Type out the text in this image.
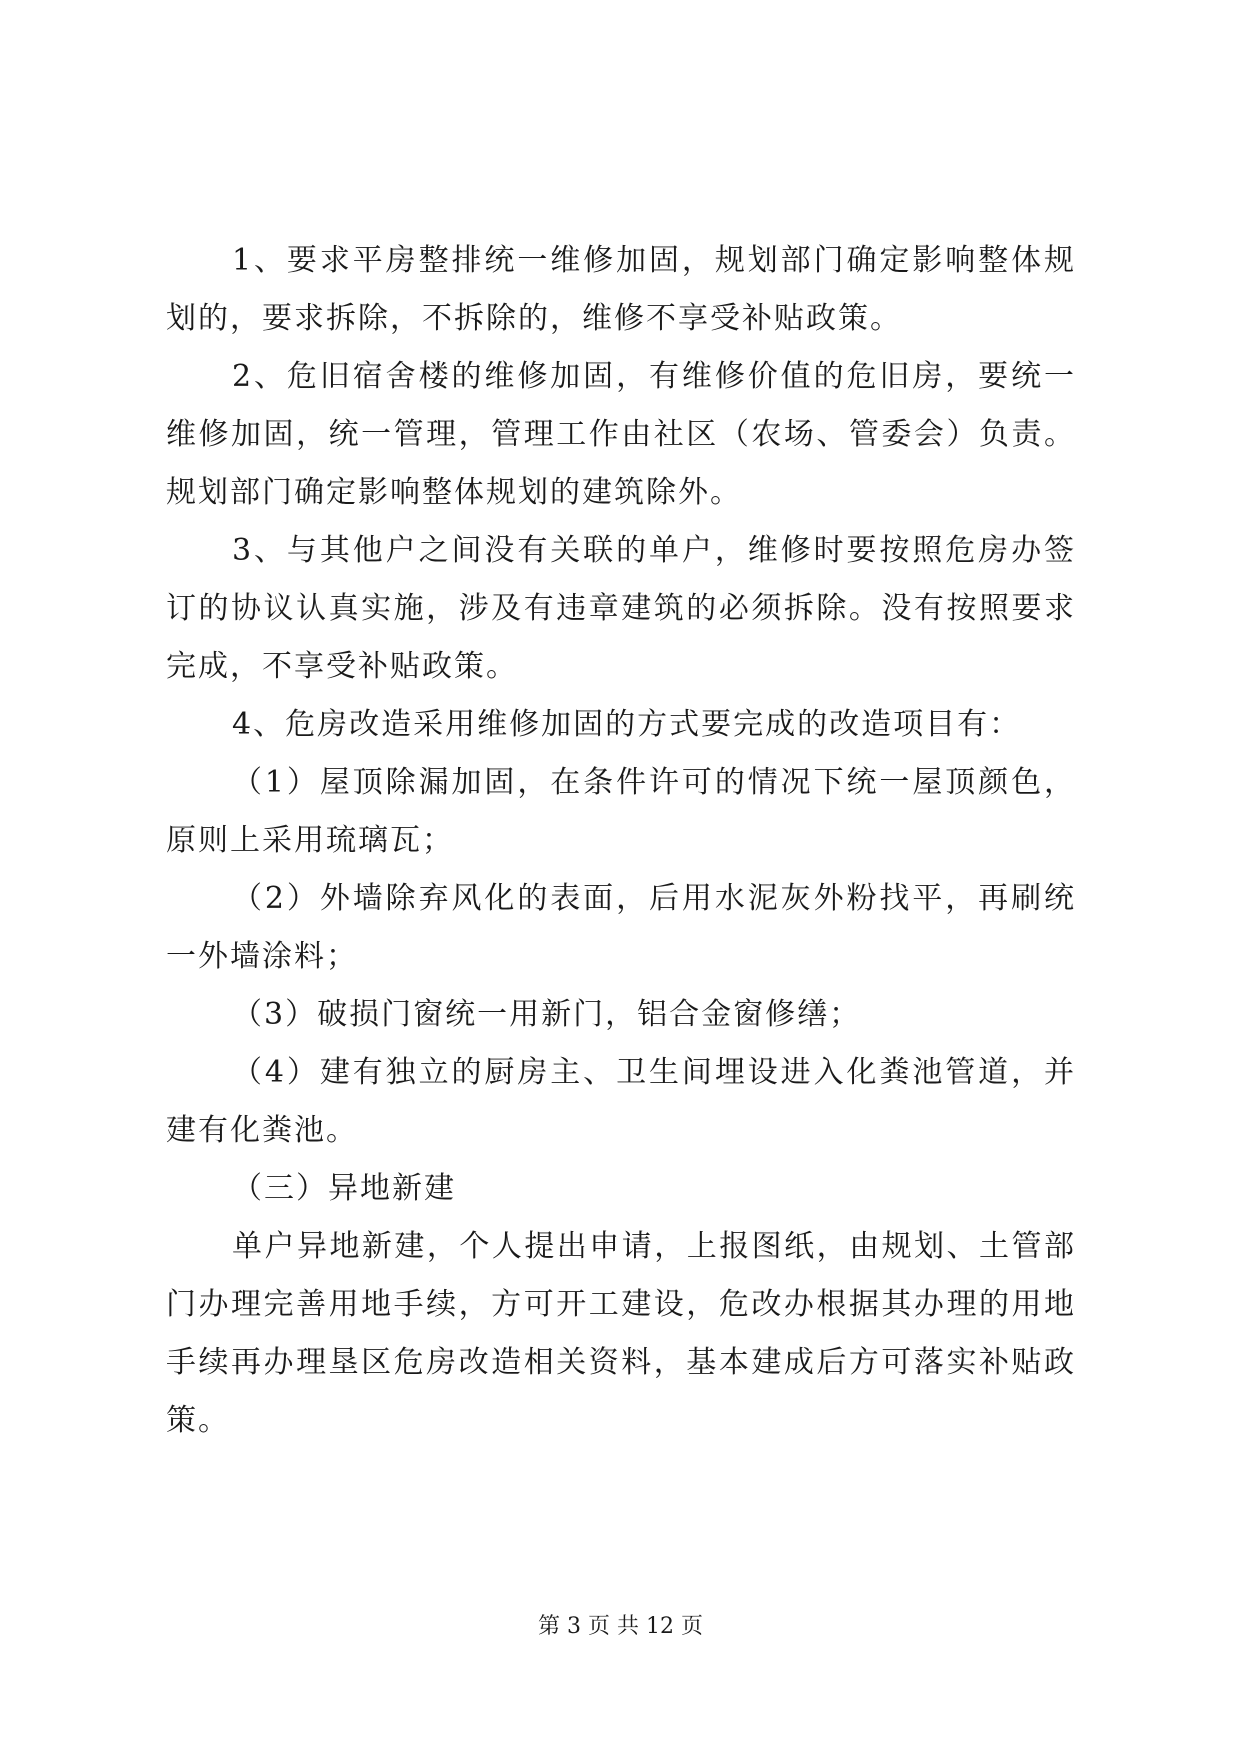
1、要求平房整排统一维修加固，规划部门确定影响整体规划的，要求拆除，不拆除的，维修不享受补贴政策。

2、危旧宿舍楼的维修加固，有维修价值的危旧房，要统一维修加固，统一管理，管理工作由社区（农场、管委会）负责。规划部门确定影响整体规划的建筑除外。

3、与其他户之间没有关联的单户，维修时要按照危房办签订的协议认真实施，涉及有违章建筑的必须拆除。没有按照要求完成，不享受补贴政策。

4、危房改造采用维修加固的方式要完成的改造项目有：

（1）屋顶除漏加固，在条件许可的情况下统一屋顶颜色，原则上采用琉璃瓦；

（2）外墙除弃风化的表面，后用水泥灰外粉找平，再刷统一外墙涂料；

（3）破损门窗统一用新门，铝合金窗修缮；

（4）建有独立的厨房主、卫生间埋设进入化粪池管道，并建有化粪池。

（三）异地新建

单户异地新建，个人提出申请，上报图纸，由规划、土管部门办理完善用地手续，方可开工建设，危改办根据其办理的用地手续再办理垦区危房改造相关资料，基本建成后方可落实补贴政策。

第 3 页 共 12 页
